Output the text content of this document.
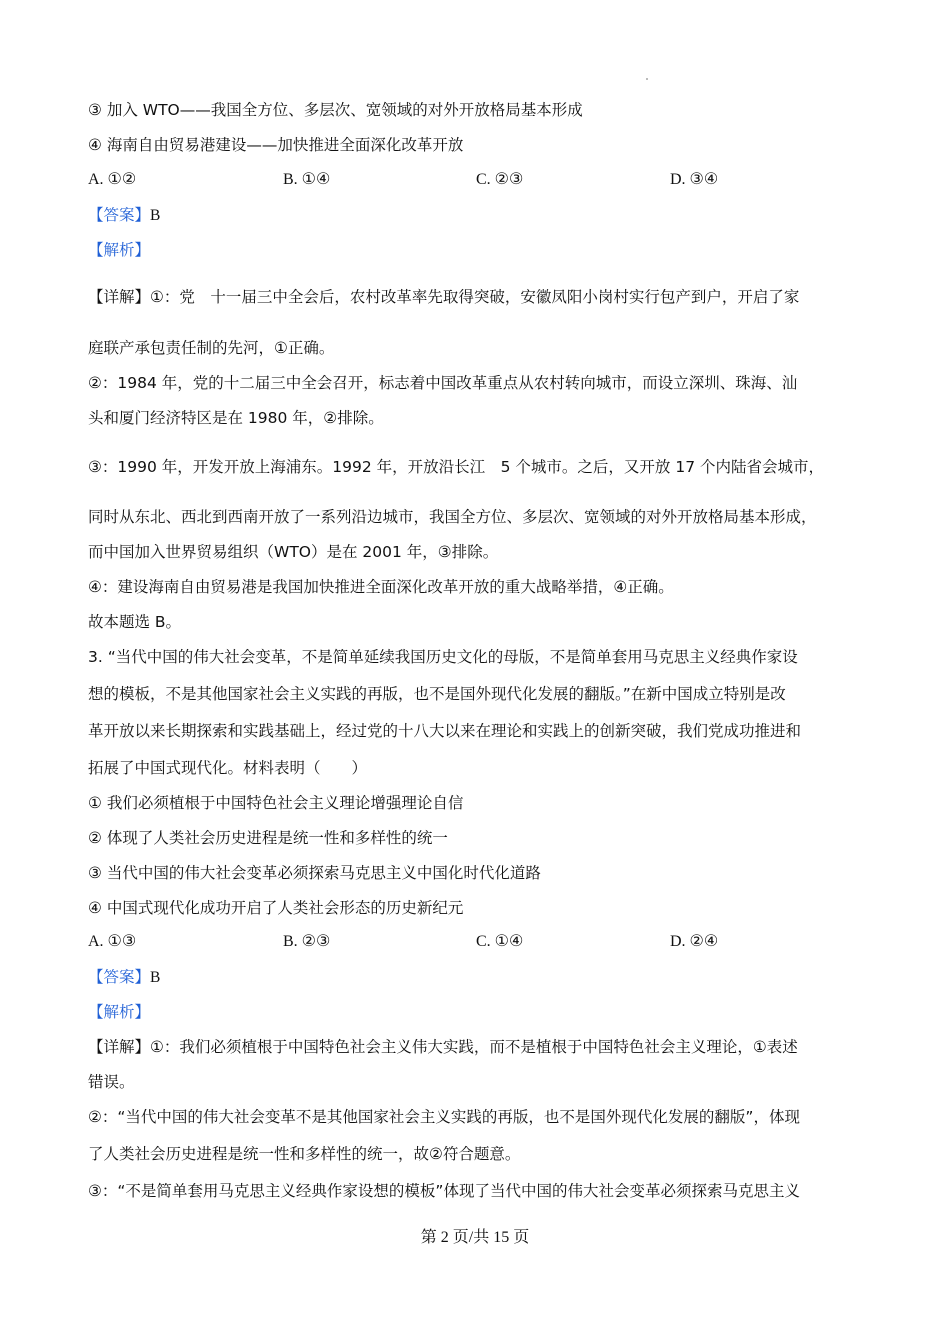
③ 加入 WTO——我国全方位、多层次、宽领域的对外开放格局基本形成
④ 海南自由贸易港建设——加快推进全面深化改革开放
A. ①②	B. ①④	C. ②③	D. ③④
【答案】B
【解析】
【详解】①：党　十一届三中全会后，农村改革率先取得突破，安徽凤阳小岗村实行包产到户，开启了家
庭联产承包责任制的先河，①正确。
②：1984 年，党的十二届三中全会召开，标志着中国改革重点从农村转向城市，而设立深圳、珠海、汕
头和厦门经济特区是在 1980 年，②排除。
③：1990 年，开发开放上海浦东。1992 年，开放沿长江　5 个城市。之后，又开放 17 个内陆省会城市，
同时从东北、西北到西南开放了一系列沿边城市，我国全方位、多层次、宽领域的对外开放格局基本形成，
而中国加入世界贸易组织（WTO）是在 2001 年，③排除。
④：建设海南自由贸易港是我国加快推进全面深化改革开放的重大战略举措，④正确。
故本题选 B。
3. “当代中国的伟大社会变革，不是简单延续我国历史文化的母版，不是简单套用马克思主义经典作家设
想的模板，不是其他国家社会主义实践的再版，也不是国外现代化发展的翻版。”在新中国成立特别是改
革开放以来长期探索和实践基础上，经过党的十八大以来在理论和实践上的创新突破，我们党成功推进和
拓展了中国式现代化。材料表明（　　）
① 我们必须植根于中国特色社会主义理论增强理论自信
② 体现了人类社会历史进程是统一性和多样性的统一
③ 当代中国的伟大社会变革必须探索马克思主义中国化时代化道路
④ 中国式现代化成功开启了人类社会形态的历史新纪元
A. ①③	B. ②③	C. ①④	D. ②④
【答案】B
【解析】
【详解】①：我们必须植根于中国特色社会主义伟大实践，而不是植根于中国特色社会主义理论，①表述
错误。
②：“当代中国的伟大社会变革不是其他国家社会主义实践的再版，也不是国外现代化发展的翻版”，体现
了人类社会历史进程是统一性和多样性的统一，故②符合题意。
③：“不是简单套用马克思主义经典作家设想的模板”体现了当代中国的伟大社会变革必须探索马克思主义
第 2 页/共 15 页
